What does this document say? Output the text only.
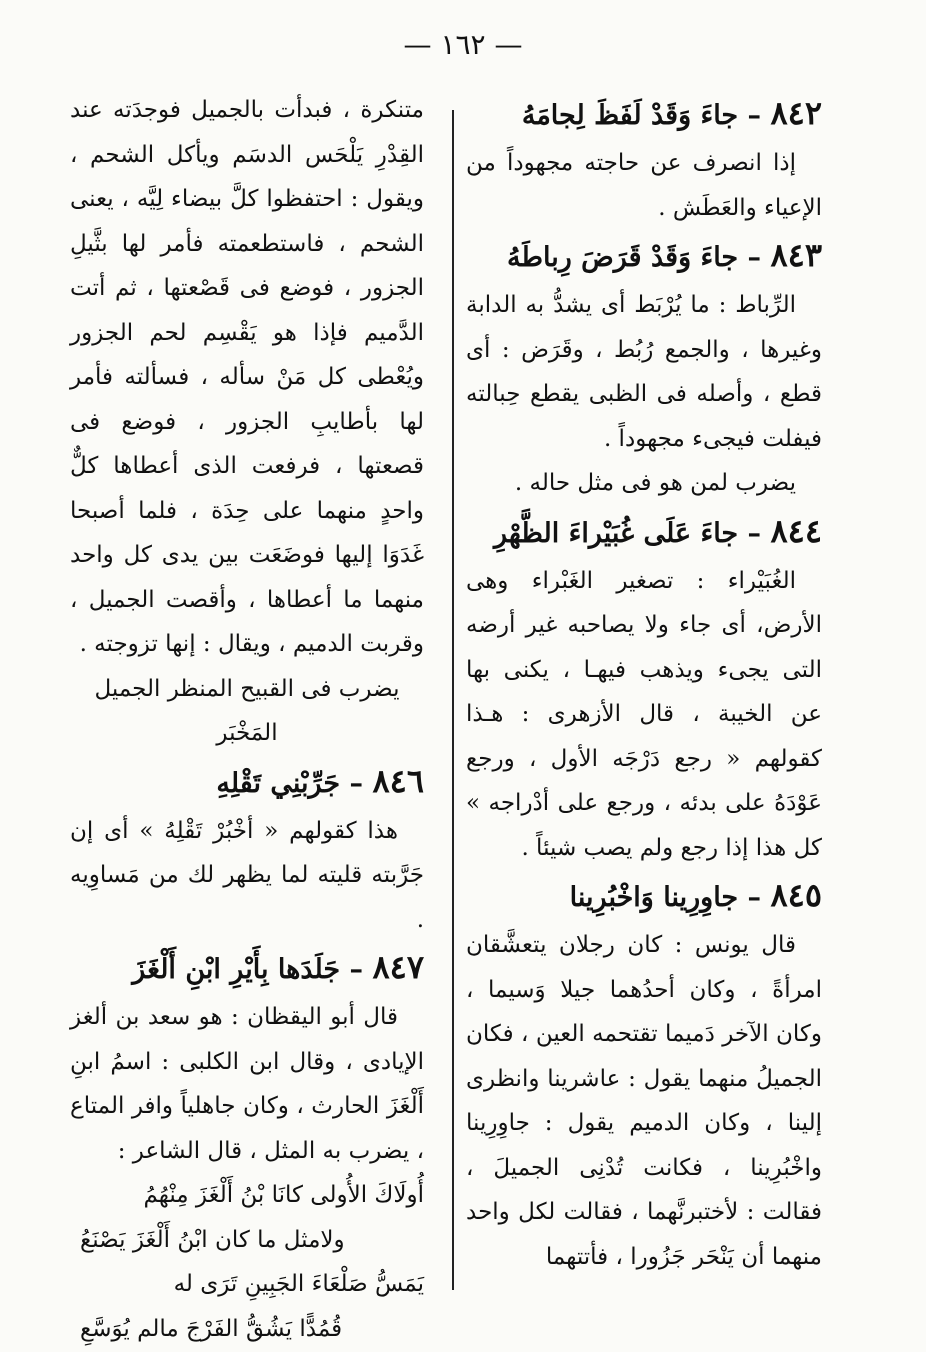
— ١٦٢ —
٨٤٢ – جاءَ وَقَدْ لَفَظَ لِجامَهُ

إذا انصرف عن حاجته مجهوداً من الإعياء والعَطَش .

٨٤٣ – جاءَ وَقَدْ قَرَضَ رِباطَهُ

الرِّباط : ما يُرْبَط أى يشدُّ به الدابة وغيرها ، والجمع رُبُط ، وقَرَض : أى قطع ، وأصله فى الظبى يقطع حِبالته فيفلت فيجىء مجهوداً .

يضرب لمن هو فى مثل حاله .

٨٤٤ – جاءَ عَلَى غُبَيْراءَ الظَّهْرِ

الغُبَيْراء : تصغير الغَبْراء وهى الأرض، أى جاء ولا يصاحبه غير أرضه التى يجىء ويذهب فيهـا ، يكنى بها عن الخيبة ، قال الأزهرى : هـذا كقولهم « رجع دَرْجَه الأول ، ورجع عَوْدَهُ على بدئه ، ورجع على أدْراجه » كل هذا إذا رجع ولم يصب شيئاً .

٨٤٥ – جاوِرِينا وَاخْبُرِينا

قال يونس : كان رجلان يتعشَّقان امرأةً ، وكان أحدُهما جيلا وَسيما ، وكان الآخر دَميما تقتحمه العين ، فكان الجميلُ منهما يقول : عاشرينا وانظرى إلينا ، وكان الدميم يقول : جاوِرِينا واخْبُرِينا ، فكانت تُدْنِى الجميلَ ، فقالت : لأختبرنَّهما ، فقالت لكل واحد منهما أن يَنْحَر جَزُورا ، فأتتهما

متنكرة ، فبدأت بالجميل فوجدَته عند القِدْرِ يَلْحَس الدسَم ويأكل الشحم ، ويقول : احتفظوا كلَّ بيضاء لِيَّه ، يعنى الشحم ، فاستطعمته فأمر لها بثَّيلِ الجزور ، فوضع فى قَصْعتها ، ثم أتت الدَّميم فإذا هو يَقْسِم لحم الجزور ويُعْطى كل مَنْ سأله ، فسألته فأمر لها بأطايبِ الجزور ، فوضع فى قصعتها ، فرفعت الذى أعطاها كلٌّ واحدٍ منهما على حِدَة ، فلما أصبحا غَدَوَا إليها فوضَعَت بين يدى كل واحد منهما ما أعطاها ، وأقصت الجميل ، وقربت الدميم ، ويقال : إنها تزوجته .

يضرب فى القبيح المنظر الجميل المَخْبَر

٨٤٦ – جَرِّبْنِي تَقْلِهِ

هذا كقولهم « أخْبُرْ تَقْلِهُ » أى إن جَرَّبته قليته لما يظهر لك من مَساوِيه .

٨٤٧ – جَلَدَها بِأَيْرِ ابْنِ أَلْغَزَ

قال أبو اليقظان : هو سعد بن ألغز الإيادى ، وقال ابن الكلبى : اسمُ ابنِ أَلْغَزَ الحارث ، وكان جاهلياً وافر المتاع ، يضرب به المثل ، قال الشاعر :

أُولَاكَ الأُولى كانَا بْنُ أَلْغَزَ مِنْهُمُ

ولامثل ما كان ابْنُ أَلْغَزَ يَصْنَعُ

يَمَسُّ صَلْعَاءَ الجَبِينِ تَرَى له

قُمُدًّا يَشُقُّ الفَرْجَ مالم يُوَسَّعِ
